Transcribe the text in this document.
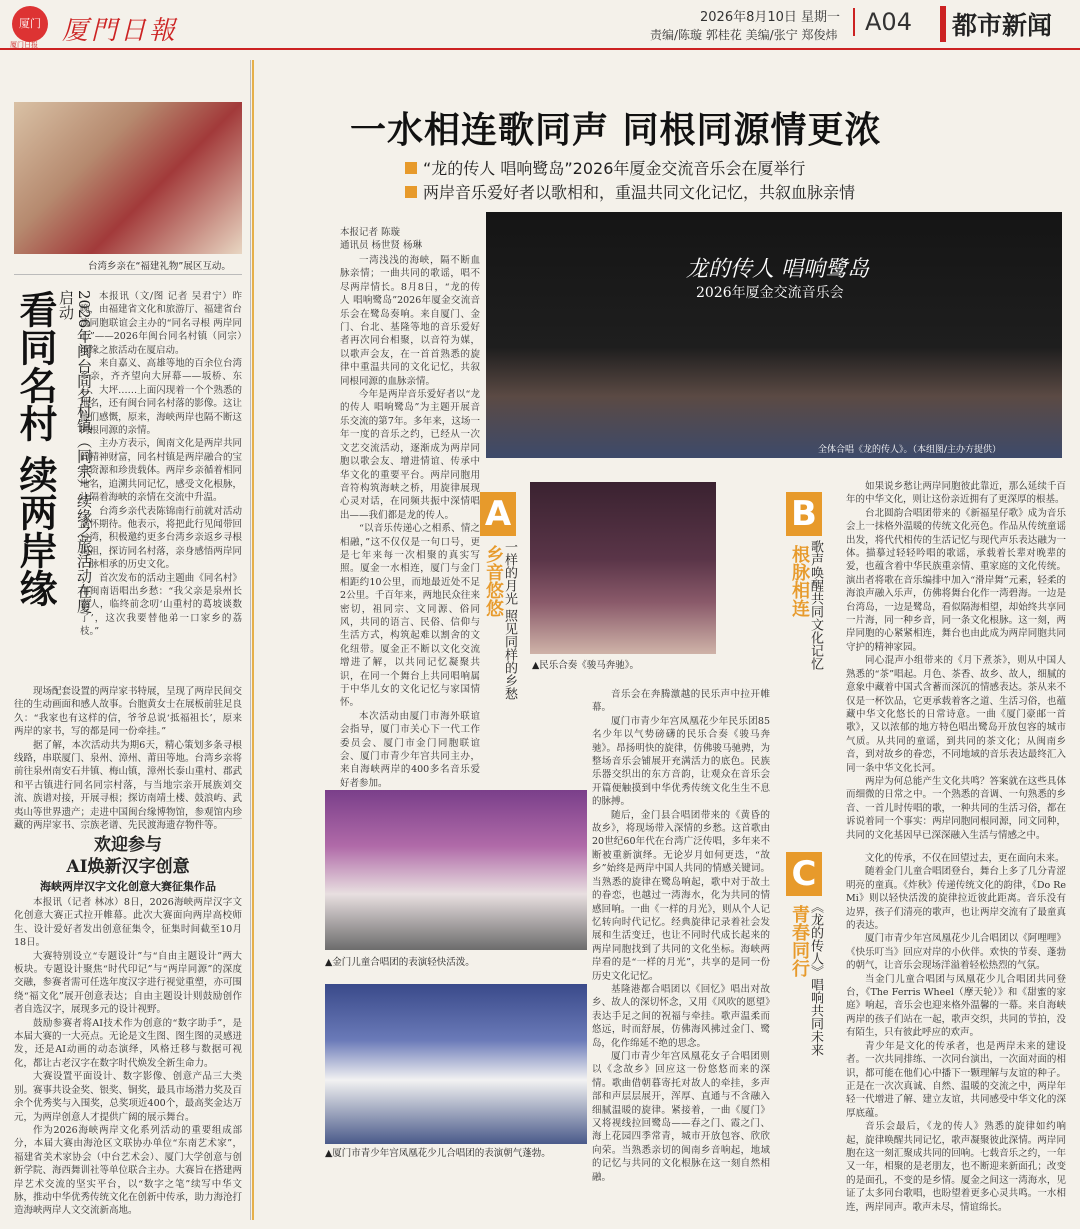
厦门
厦门日报 厦門日報	2026年8月10日 星期一
责编/陈璇 郭桂花 美编/张宁 郑俊炜	A04	都市新闻
台湾乡亲在“福建礼物”展区互动。
看同名村 续两岸缘	2026年闽台同名村镇（同宗）续缘之旅活动在厦启动	本报讯（文/图 记者 吴君宁）昨晚，由福建省文化和旅游厅、福建省台湾同胞联谊会主办的“同名寻根 两岸同心”——2026年闽台同名村镇（同宗）续缘之旅活动在厦启动。

来自嘉义、高雄等地的百余位台湾乡亲，齐齐望向大屏幕——坂桥、东石、大坪……上面闪现着一个个熟悉的地名，还有闽台同名村落的影像。这让他们感慨，原来，海峡两岸也隔不断这同根同源的亲情。

主办方表示，闽南文化是两岸共同的精神财富，同名村镇是两岸融合的宝贵资源和珍贵载体。两岸乡亲循着相同地名，追溯共同记忆，感受文化根脉，让隔着海峡的亲情在交流中升温。

台湾乡亲代表陈锦南行前就对活动满怀期待。他表示，将把此行见闻带回台湾，积极邀约更多台湾乡亲返乡寻根谒祖，探访同名村落，亲身感悟两岸同一脉相承的历史文化。

首次发布的活动主题曲《同名村》用闽南语唱出乡愁：“我父亲是泉州长泰人，临终前念叨‘山重村的葛坡谈数了’，这次我要替他弟一口家乡的荔枝。”

现场配套设置的两岸家书特展，呈现了两岸民间交往的生动画面和感人故事。台胞黄女士在展板前驻足良久：“我家也有这样的信，爷爷总说‘抵福祖长’，原来两岸的家书，写的都是同一份牵挂。”

据了解，本次活动共为期6天，精心策划多条寻根线路，串联厦门、泉州、漳州、莆田等地。台湾乡亲将前往泉州南安石井镇、梅山镇，漳州长泰山重村、郡武和平古镇进行同名同宗村落，与当地宗亲开展族刘交流、族谱对接，开展寻根；探访南靖土楼、鼓浪屿、武夷山等世界遗产；走进中国闽台缘博物馆，参观馆内珍藏的两岸家书、宗族老谱、先民渡海遗存物件等。

欢迎参与
AI焕新汉字创意
海峡两岸汉字文化创意大赛征集作品

本报讯（记者 林冰）8日，2026海峡两岸汉字文化创意大赛正式拉开帷幕。此次大赛面向两岸高校师生、设计爱好者发出创意征集令，征集时间截至10月18日。

大赛特别设立“专题设计”与“自由主题设计”两大板块。专题设计聚焦“时代印记”与“两岸同源”的深度交融，参赛者需可任选年度汉字进行视觉重塑，亦可围绕“福文化”展开创意表达；自由主题设计则鼓励创作者自选汉字，展现多元的设计视野。

鼓励参赛者将AI技术作为创意的“数字助手”，是本届大赛的一大亮点。无论是文生图、图生图的灵感迸发，还是AI动画的动态演绎，风格迁移与数据可视化，都让古老汉字在数字时代焕发全新生命力。

大赛设置平面设计、数字影像、创意产品三大类别。赛事共设金奖、银奖、铜奖，最具市场潜力奖及百余个优秀奖与入围奖，总奖项近400个，最高奖金达万元，为两岸创意人才提供广阔的展示舞台。

作为2026海峡两岸文化系列活动的重要组成部分，本届大赛由海沧区文联协办单位“东南艺术家”，福建省美术家协会（中台艺术会）、厦门大学创意与创新学院、海西舞训社等单位联合主办。大赛旨在搭建两岸艺术交流的坚实平台，以“数字之笔”续写中华文脉，推动中华优秀传统文化在创新中传承，助力海沧打造海峡两岸人文交流新高地。

一水相连歌同声 同根同源情更浓
“龙的传人 唱响鹭岛”2026年厦金交流音乐会在厦举行
两岸音乐爱好者以歌相和，重温共同文化记忆，共叙血脉亲情
本报记者 陈璇
通讯员 杨世贤 杨琳

一湾浅浅的海峡，隔不断血脉亲情；一曲共同的歌谣，唱不尽两岸情长。8月8日，“龙的传人 唱响鹭岛”2026年厦金交流音乐会在鹭岛奏响。来自厦门、金门、台北、基隆等地的音乐爱好者再次同台相聚，以音符为媒，以歌声会友，在一首首熟悉的旋律中重温共同的文化记忆，共叙同根同源的血脉亲情。

今年是两岸音乐爱好者以“龙的传人 唱响鹭岛”为主题开展音乐交流的第7年。多年来，这场一年一度的音乐之约，已经从一次文艺交流活动，逐渐成为两岸同胞以歌会友、增进情谊、传承中华文化的重要平台。两岸同胞用音符构筑海峡之桥，用旋律展现心灵对话，在同频共振中深情唱出——我们都是龙的传人。

“以音乐传递心之相系、情之相融，”这不仅仅是一句口号，更是七年来每一次相聚的真实写照。厦金一水相连，厦门与金门相距约10公里，而地最近处不足2公里。千百年来，两地民众往来密切，祖同宗、文同源、俗同风，共同的语言、民俗、信仰与生活方式，构筑起难以割舍的文化纽带。厦金正不断以文化交流增进了解，以共同记忆凝聚共识，在同一个舞台上共同唱响属于中华儿女的文化记忆与家国情怀。

本次活动由厦门市海外联谊会指导，厦门市关心下一代工作委员会、厦门市金门同胞联谊会、厦门市青少年宫共同主办，来自海峡两岸的400多名音乐爱好者参加。

龙的传人 唱响鹭岛
2026年厦金交流音乐会
全体合唱《龙的传人》。（本组图/主办方提供）
A
乡音悠悠
一样的月光 照见同样的乡愁 ▲民乐合奏《骏马奔驰》。

音乐会在奔腾激越的民乐声中拉开帷幕。

厦门市青少年宫凤凰花少年民乐团85名少年以气势磅礴的民乐合奏《骏马奔驰》。昂扬明快的旋律，仿佛骏马驰骋，为整场音乐会铺展开充满活力的底色。民族乐器交织出的东方音韵，让观众在音乐会开篇便触摸到中华优秀传统文化生生不息的脉搏。

随后，金门县合唱团带来的《黄昏的故乡》，将现场带入深情的乡愁。这首歌由20世纪60年代在台湾广泛传唱，多年来不断被重新演绎。无论岁月如何更迭，“故乡”始终是两岸中国人共同的情感关键词。当熟悉的旋律在鹭岛响起，歌中对于故土的眷恋，也越过一湾海水，化为共同的情感回响。一曲《一样的月光》，则从个人记忆转向时代记忆。经典旋律记录着社会发展和生活变迁，也让不同时代成长起来的两岸同胞找到了共同的文化坐标。海峡两岸看的是“一样的月光”，共享的是同一份历史文化记忆。

基隆港都合唱团以《回忆》唱出对故乡、故人的深切怀念，又用《风吹的愿望》表达手足之间的祝福与牵挂。歌声温柔而悠远，时而舒展，仿佛海风拂过金门、鹭岛，化作绵延不绝的思念。

厦门市青少年宫凤凰花女子合唱团则以《念故乡》回应这一份悠悠而来的深情。歌曲借朝暮寄托对故人的牵挂，多声部和声层层展开，浑厚、直通与不含融入细腻温暖的旋律。紧接着，一曲《厦门》又将视线拉回鹭岛——春之门、霞之门、海上花园四季常青，城市开放包容、欣欣向荣。当熟悉亲切的闽南乡音响起，地域的记忆与共同的文化根脉在这一刻自然相融。

▲金门儿童合唱团的表演轻快活泼。
▲厦门市青少年宫凤凰花少儿合唱团的表演朝气蓬勃。
B
根脉相连
歌声唤醒共同文化记忆

如果说乡愁让两岸同胞彼此靠近，那么延续千百年的中华文化，则让这份亲近拥有了更深厚的根基。

台北圆韵合唱团带来的《新福星仔歌》成为音乐会上一抹格外温暖的传统文化亮色。作品从传统童谣出发，将代代相传的生活记忆与现代声乐表达融为一体。描摹过轻轻吟唱的歌谣，承载着长辈对晚辈的爱，也蕴含着中华民族重亲情、重家庭的文化传统。演出者将歌在音乐编排中加入“滑岸舞”元素，轻柔的海浪声融入乐声，仿佛将舞台化作一湾碧海。一边是台湾岛，一边是鹭岛，看似隔海相望，却始终共享同一片海，同一种乡音，同一条文化根脉。这一刻，两岸同胞的心紧紧相连，舞台也由此成为两岸同胞共同守护的精神家园。

同心混声小组带来的《月下煮茶》，则从中国人熟悉的“茶”唱起。月色、茶香、故乡、故人，细腻的意象中藏着中国式含蓄而深沉的情感表达。茶从来不仅是一杯饮品，它更承载着客之道、生活习俗，也蕴藏中华文化悠长的日常诗意。一曲《厦门豪邮一首歌》，又以浓郁的地方特色唱出鹭岛开放包容的城市气质。从共同的童谣，到共同的茶文化；从闽南乡音，到对故乡的眷恋，不同地域的音乐表达最终汇入同一条中华文化长河。

两岸为何总能产生文化共鸣？答案就在这些具体而细微的日常之中。一个熟悉的音调、一句熟悉的乡音、一首儿时传唱的歌，一种共同的生活习俗，都在诉说着同一个事实：两岸同胞同根同源，同文同种，共同的文化基因早已深深融入生活与情感之中。

C
青春同行
《龙的传人》唱响共同未来

文化的传承，不仅在回望过去，更在面向未来。

随着金门儿童合唱团登台，舞台上多了几分青涩明亮的童真。《炸秋》传递传统文化的韵律，《Do Re Mi》则以轻快活泼的旋律拉近彼此距离。音乐没有边界，孩子们清亮的歌声，也让两岸交流有了最童真的表达。

厦门市青少年宫凤凰花少儿合唱团以《阿哩哩》《快乐叮当》回应对岸的小伙伴。欢快的节奏、蓬勃的朝气，让音乐会现场洋溢着轻松热烈的气氛。

当金门儿童合唱团与凤凰花少儿合唱团共同登台，《The Ferris Wheel（摩天轮）》和《甜蜜的家庭》响起，音乐会也迎来格外温馨的一幕。来自海峡两岸的孩子们站在一起，歌声交织，共同的节拍，没有陌生，只有彼此呼应的欢声。

青少年是文化的传承者，也是两岸未来的建设者。一次共同排练、一次同台演出，一次面对面的相识，都可能在他们心中播下一颗理解与友谊的种子。正是在一次次真诚、自然、温暖的交流之中，两岸年轻一代增进了解、建立友谊，共同感受中华文化的深厚底蕴。

音乐会最后，《龙的传人》熟悉的旋律如约响起，旋律唤醒共同记忆，歌声凝聚彼此深情。两岸同胞在这一刻汇聚成共同的回响。七载音乐之约，一年又一年，相聚的是老朋友，也不断迎来新面孔；改变的是面孔，不变的是乡情。厦金之间这一湾海水，见证了太多同台歌唱，也盼望着更多心灵共鸣。一水相连，两岸同声。歌声未尽，情谊绵长。
